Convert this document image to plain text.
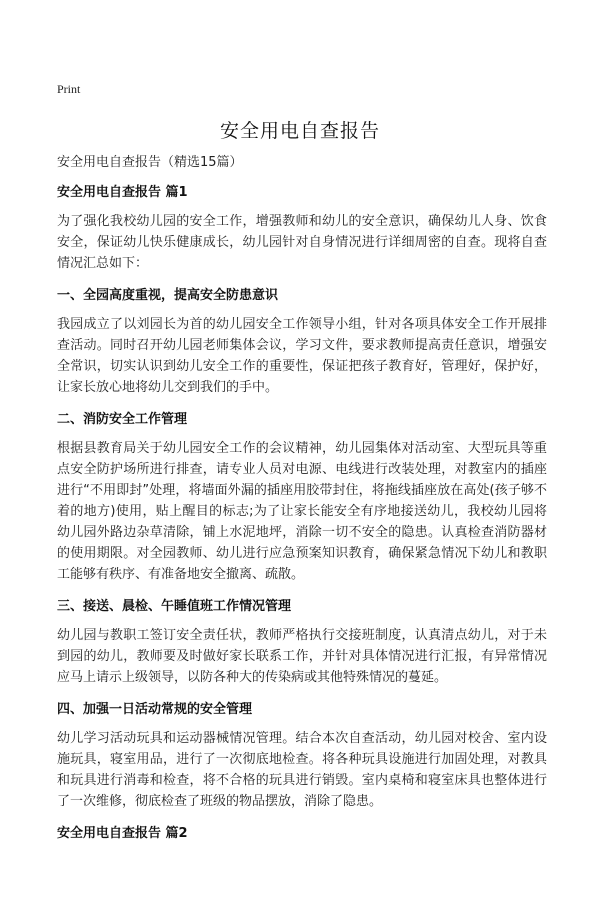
Print
安全用电自查报告

安全用电自查报告（精选15篇）

安全用电自查报告 篇1

为了强化我校幼儿园的安全工作，增强教师和幼儿的安全意识，确保幼儿人身、饮食安全，保证幼儿快乐健康成长，幼儿园针对自身情况进行详细周密的自查。现将自查情况汇总如下：

一、全园高度重视，提高安全防患意识

我园成立了以刘园长为首的幼儿园安全工作领导小组，针对各项具体安全工作开展排查活动。同时召开幼儿园老师集体会议，学习文件，要求教师提高责任意识，增强安全常识，切实认识到幼儿安全工作的重要性，保证把孩子教育好，管理好，保护好，让家长放心地将幼儿交到我们的手中。

二、消防安全工作管理

根据县教育局关于幼儿园安全工作的会议精神，幼儿园集体对活动室、大型玩具等重点安全防护场所进行排查，请专业人员对电源、电线进行改装处理，对教室内的插座进行“不用即封”处理，将墙面外漏的插座用胶带封住，将拖线插座放在高处(孩子够不着的地方)使用，贴上醒目的标志;为了让家长能安全有序地接送幼儿，我校幼儿园将幼儿园外路边杂草清除，铺上水泥地坪，消除一切不安全的隐患。认真检查消防器材的使用期限。对全园教师、幼儿进行应急预案知识教育，确保紧急情况下幼儿和教职工能够有秩序、有准备地安全撤离、疏散。

三、接送、晨检、午睡值班工作情况管理

幼儿园与教职工签订安全责任状，教师严格执行交接班制度，认真清点幼儿，对于未到园的幼儿，教师要及时做好家长联系工作，并针对具体情况进行汇报，有异常情况应马上请示上级领导，以防各种大的传染病或其他特殊情况的蔓延。

四、加强一日活动常规的安全管理

幼儿学习活动玩具和运动器械情况管理。结合本次自查活动，幼儿园对校舍、室内设施玩具，寝室用品，进行了一次彻底地检查。将各种玩具设施进行加固处理，对教具和玩具进行消毒和检查，将不合格的玩具进行销毁。室内桌椅和寝室床具也整体进行了一次维修，彻底检查了班级的物品摆放，消除了隐患。

安全用电自查报告 篇2
